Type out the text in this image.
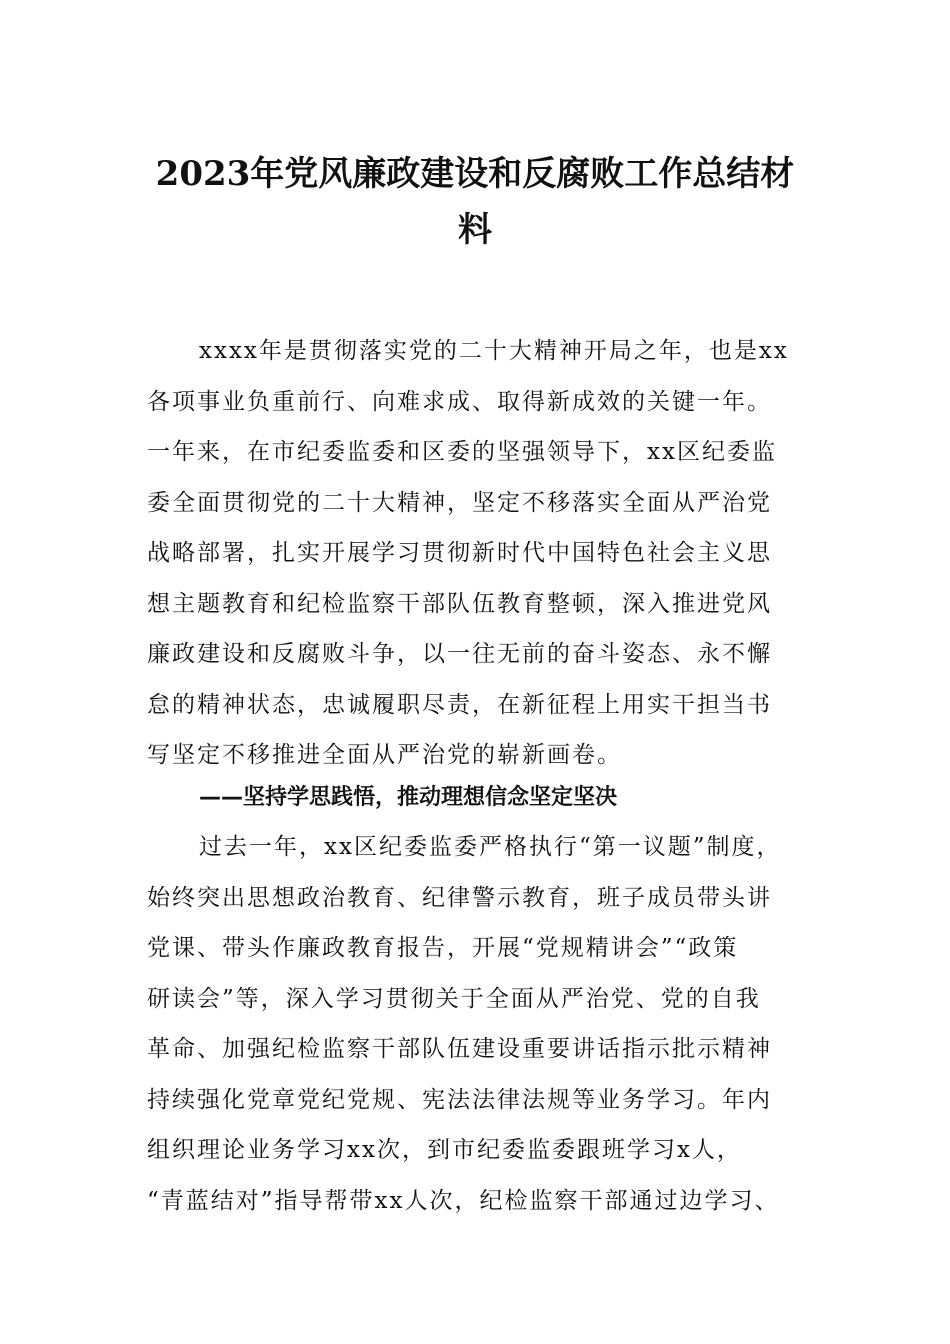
2023年党风廉政建设和反腐败工作总结材
料
xxxx年是贯彻落实党的二十大精神开局之年，也是xx
各项事业负重前行、向难求成、取得新成效的关键一年。
一年来，在市纪委监委和区委的坚强领导下，xx区纪委监
委全面贯彻党的二十大精神，坚定不移落实全面从严治党
战略部署，扎实开展学习贯彻新时代中国特色社会主义思
想主题教育和纪检监察干部队伍教育整顿，深入推进党风
廉政建设和反腐败斗争，以一往无前的奋斗姿态、永不懈
怠的精神状态，忠诚履职尽责，在新征程上用实干担当书
写坚定不移推进全面从严治党的崭新画卷。
——坚持学思践悟，推动理想信念坚定坚决
过去一年，xx区纪委监委严格执行“第一议题”制度，
始终突出思想政治教育、纪律警示教育，班子成员带头讲
党课、带头作廉政教育报告，开展“党规精讲会”“政策
研读会”等，深入学习贯彻关于全面从严治党、党的自我
革命、加强纪检监察干部队伍建设重要讲话指示批示精神
持续强化党章党纪党规、宪法法律法规等业务学习。年内
组织理论业务学习xx次，到市纪委监委跟班学习x人，
“青蓝结对”指导帮带xx人次，纪检监察干部通过边学习、
